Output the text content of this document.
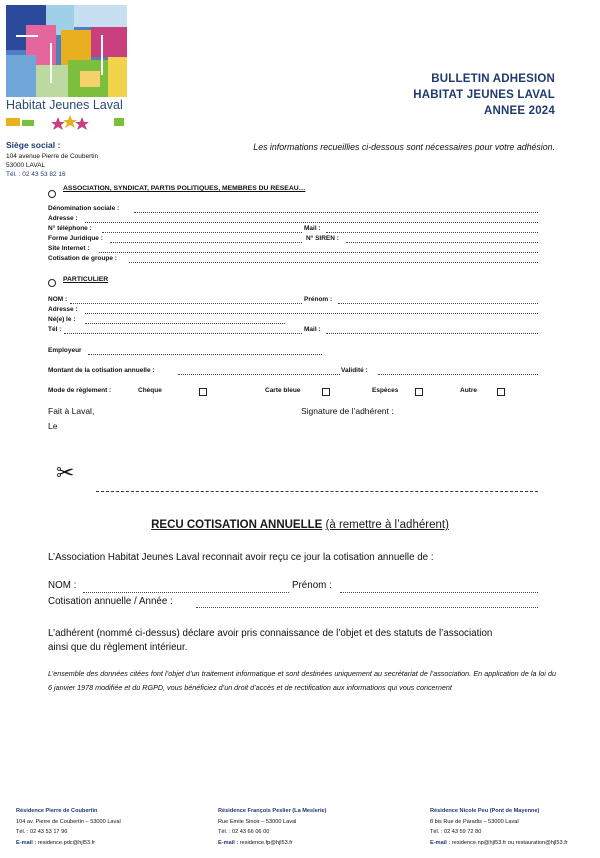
Habitat Jeunes Laval
Siège social :
104 avenue Pierre de Coubertin
53000 LAVAL
Tél. : 02 43 53 82 16
BULLETIN ADHESION
HABITAT JEUNES LAVAL
ANNEE 2024
Les informations recueillies ci-dessous sont nécessaires pour votre adhésion.
ASSOCIATION, SYNDICAT, PARTIS POLITIQUES, MEMBRES DU RESEAU…
Dénomination sociale :
Adresse :
N° téléphone :	Mail :
Forme Juridique :	N° SIREN :
Site Internet :
Cotisation de groupe :
PARTICULIER
NOM :	Prénom :
Adresse :
Né(e) le :
Tél :	Mail :
Employeur
Montant de la cotisation annuelle :	Validité :
Mode de règlement :	Chèque	Carte bleue	Espèces	Autre
Fait à Laval,
Le
Signature de l’adhérent :
✂
RECU COTISATION ANNUELLE (à remettre à l’adhérent)
L’Association Habitat Jeunes Laval reconnait avoir reçu ce jour la cotisation annuelle de :
NOM :	Prénom :
Cotisation annuelle / Année :
L’adhérent (nommé ci-dessus) déclare avoir pris connaissance de l’objet et des statuts de l’association
ainsi que du règlement intérieur.
L’ensemble des données citées font l’objet d’un traitement informatique et sont destinées uniquement au secrétariat de l’association. En application de la loi du 6 janvier 1978 modifiée et du RGPD, vous bénéficiez d’un droit d’accès et de rectification aux informations qui vous concernent
Résidence Pierre de Coubertin
104 av. Pierre de Coubertin – 53000 Laval
Tél. : 02 43 53 17 96
E-mail : residence.pdc@hjl53.fr
Résidence François Peslier (La Meslerie)
Rue Emile Sinoir – 53000 Laval
Tél. : 02 43 66 06 00
E-mail : residence.fp@hjl53.fr
Résidence Nicole Peu (Pont de Mayenne)
8 bis Rue de Paradis – 53000 Laval
Tél. : 02 43 59 72 80
E-mail : residence.np@hjl53.fr ou restauration@hjl53.fr
